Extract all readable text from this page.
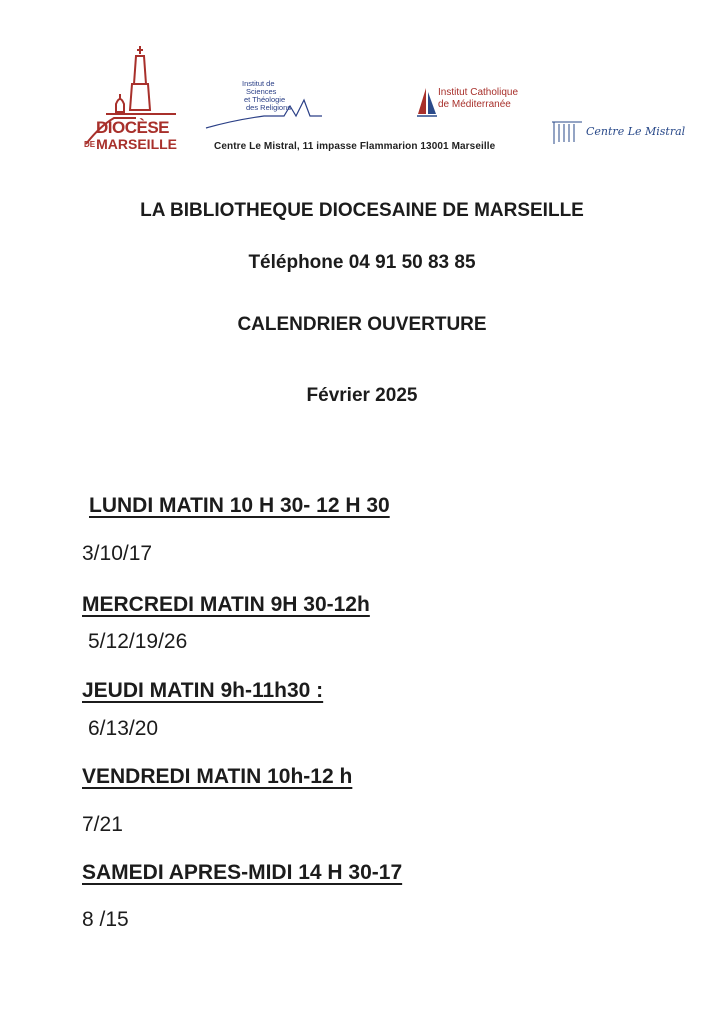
DIOCÈSE
DEMARSEILLE
Institut de
Sciences
et Théologie
des Religions
Institut Catholique
de Méditerranée
Centre Le Mistral
Centre Le Mistral, 11 impasse Flammarion 13001 Marseille
LA BIBLIOTHEQUE DIOCESAINE DE MARSEILLE
Téléphone 04 91 50 83 85
CALENDRIER OUVERTURE
Février 2025
LUNDI MATIN 10 H 30- 12 H 30
3/10/17
MERCREDI MATIN 9H 30-12h
5/12/19/26
JEUDI MATIN 9h-11h30 :
6/13/20
VENDREDI MATIN 10h-12 h
7/21
SAMEDI APRES-MIDI 14 H 30-17
8 /15
